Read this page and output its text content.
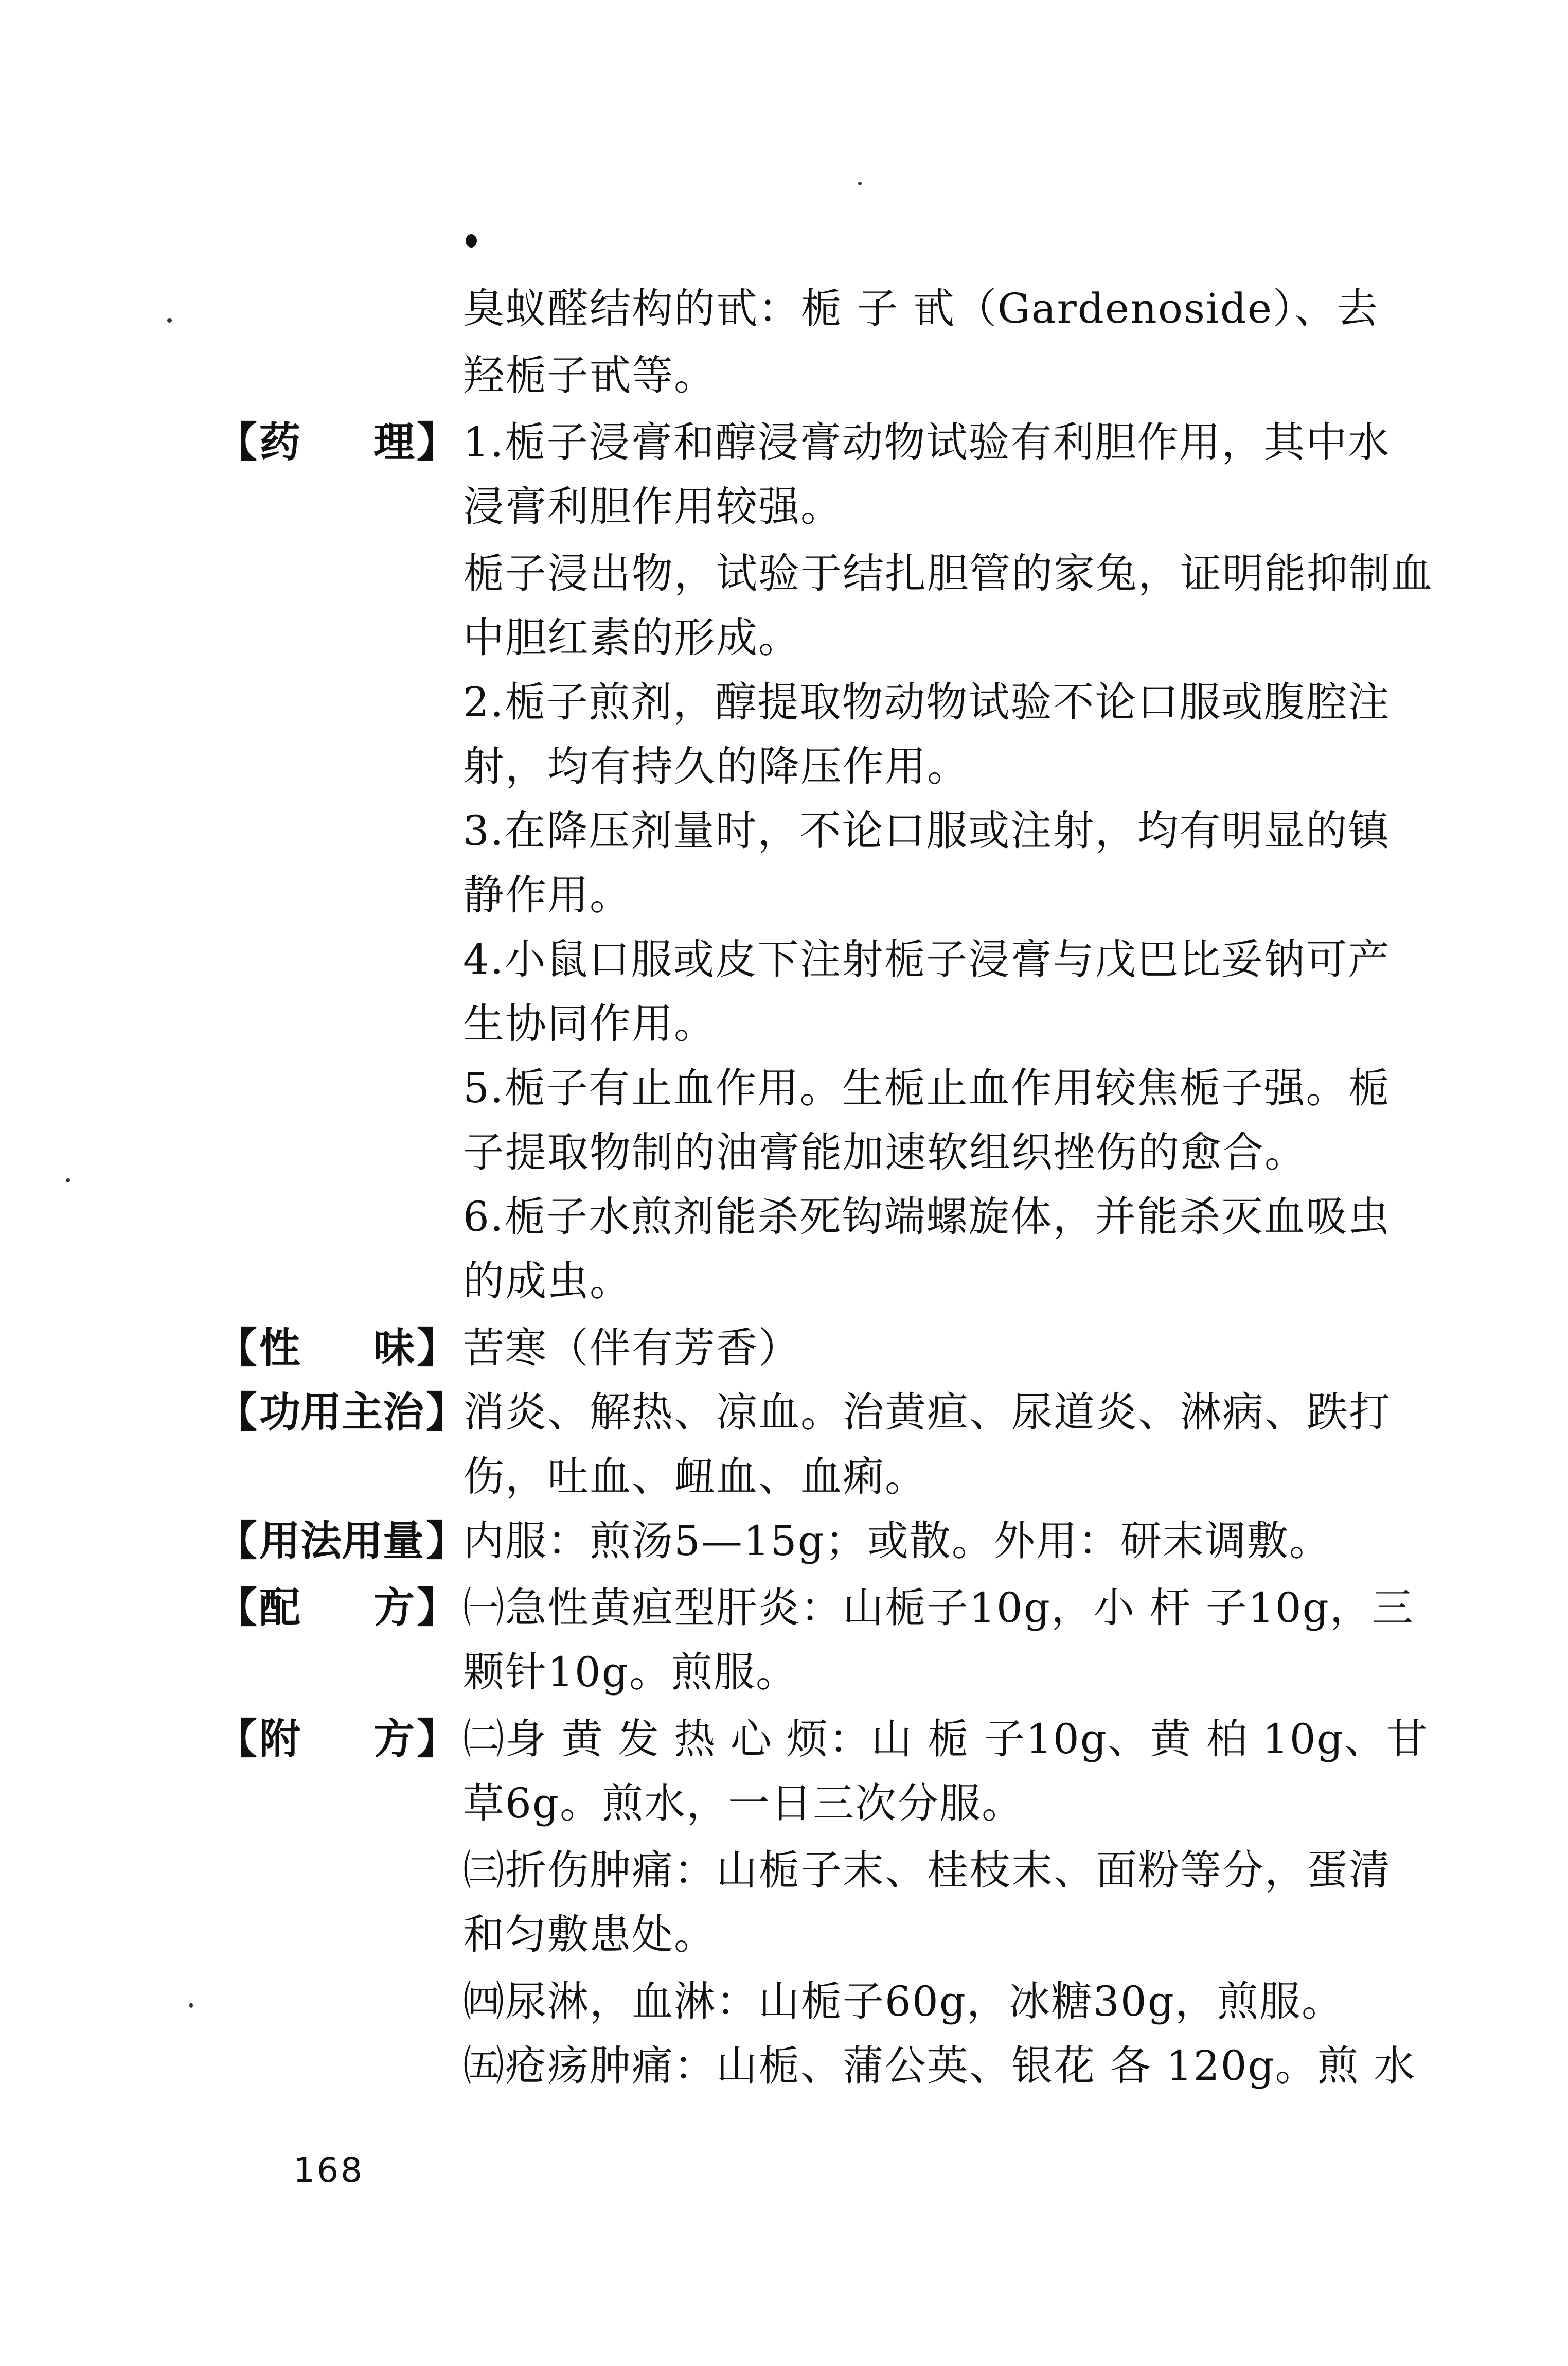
臭蚁醛结构的甙：栀 子 甙（Gardenoside）、去
羟栀子甙等。
【 药 理 】 1.栀子浸膏和醇浸膏动物试验有利胆作用，其中水
浸膏利胆作用较强。
栀子浸出物，试验于结扎胆管的家兔，证明能抑制血
中胆红素的形成。
2.栀子煎剂，醇提取物动物试验不论口服或腹腔注
射，均有持久的降压作用。
3.在降压剂量时，不论口服或注射，均有明显的镇
静作用。
4.小鼠口服或皮下注射栀子浸膏与戊巴比妥钠可产
生协同作用。
5.栀子有止血作用。生栀止血作用较焦栀子强。栀
子提取物制的油膏能加速软组织挫伤的愈合。
6.栀子水煎剂能杀死钩端螺旋体，并能杀灭血吸虫
的成虫。
【 性 味 】 苦寒（伴有芳香）
【 功 用 主 治 】
消炎、解热、凉血。治黄疸、尿道炎、淋病、跌打
伤，吐血、衄血、血痢。
【 用 法 用 量 】
内服：煎汤5—15g；或散。外用：研末调敷。
【 配 方 】 ㈠急性黄疸型肝炎：山栀子10g，小 杆 子10g，三
颗针10g。煎服。
【 附 方 】 ㈡身 黄 发 热 心 烦：山 栀 子10g、黄 柏 10g、甘
草6g。煎水，一日三次分服。
㈢折伤肿痛：山栀子末、桂枝末、面粉等分，蛋清
和匀敷患处。
㈣尿淋，血淋：山栀子60g，冰糖30g，煎服。
㈤疮疡肿痛：山栀、蒲公英、银花 各 120g。煎 水
168
